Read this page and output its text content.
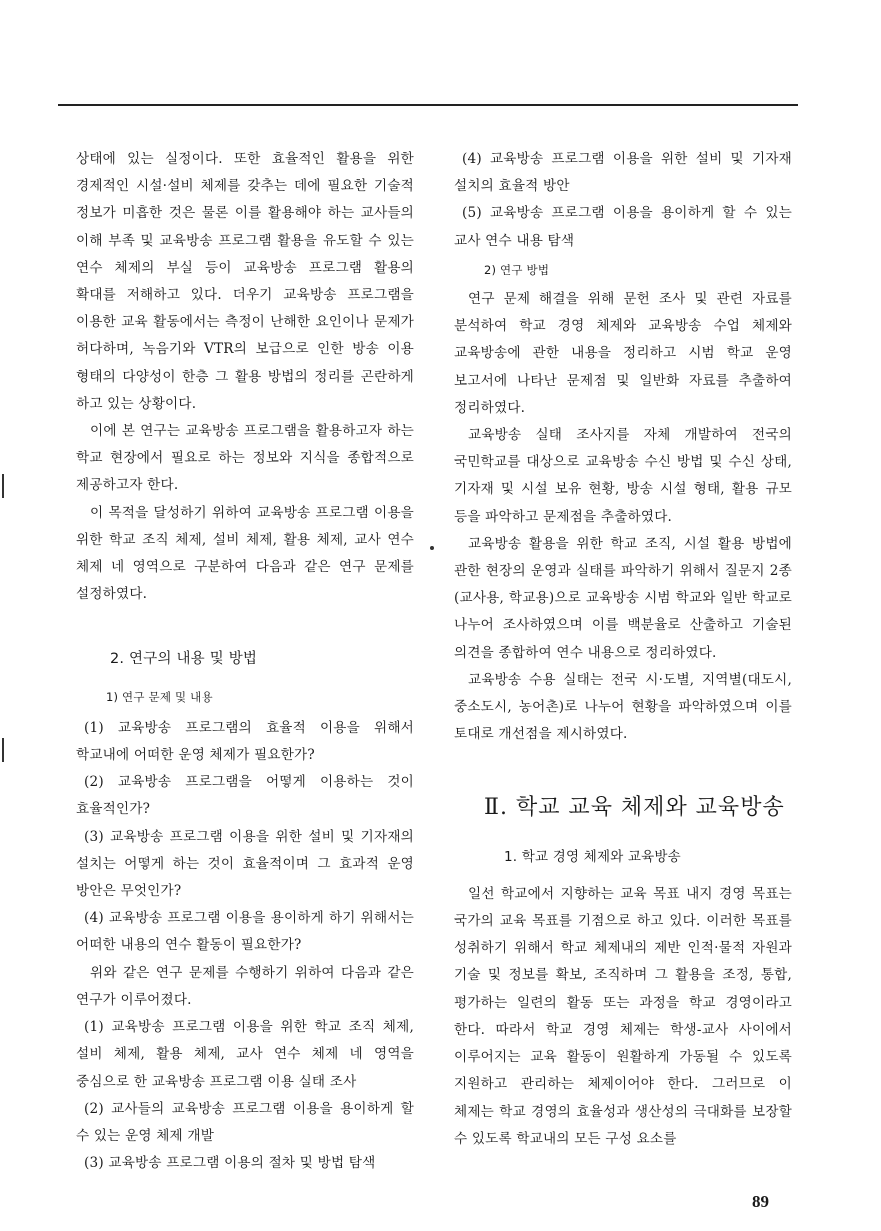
상태에 있는 실정이다. 또한 효율적인 활용을 위한 경제적인 시설·설비 체제를 갖추는 데에 필요한 기술적 정보가 미흡한 것은 물론 이를 활용해야 하는 교사들의 이해 부족 및 교육방송 프로그램 활용을 유도할 수 있는 연수 체제의 부실 등이 교육방송 프로그램 활용의 확대를 저해하고 있다. 더우기 교육방송 프로그램을 이용한 교육 활동에서는 측정이 난해한 요인이나 문제가 허다하며, 녹음기와 VTR의 보급으로 인한 방송 이용 형태의 다양성이 한층 그 활용 방법의 정리를 곤란하게 하고 있는 상황이다.

이에 본 연구는 교육방송 프로그램을 활용하고자 하는 학교 현장에서 필요로 하는 정보와 지식을 종합적으로 제공하고자 한다.

이 목적을 달성하기 위하여 교육방송 프로그램 이용을 위한 학교 조직 체제, 설비 체제, 활용 체제, 교사 연수 체제 네 영역으로 구분하여 다음과 같은 연구 문제를 설정하였다.

2. 연구의 내용 및 방법
1) 연구 문제 및 내용

(1) 교육방송 프로그램의 효율적 이용을 위해서 학교내에 어떠한 운영 체제가 필요한가?

(2) 교육방송 프로그램을 어떻게 이용하는 것이 효율적인가?

(3) 교육방송 프로그램 이용을 위한 설비 및 기자재의 설치는 어떻게 하는 것이 효율적이며 그 효과적 운영 방안은 무엇인가?

(4) 교육방송 프로그램 이용을 용이하게 하기 위해서는 어떠한 내용의 연수 활동이 필요한가?

위와 같은 연구 문제를 수행하기 위하여 다음과 같은 연구가 이루어졌다.

(1) 교육방송 프로그램 이용을 위한 학교 조직 체제, 설비 체제, 활용 체제, 교사 연수 체제 네 영역을 중심으로 한 교육방송 프로그램 이용 실태 조사

(2) 교사들의 교육방송 프로그램 이용을 용이하게 할 수 있는 운영 체제 개발

(3) 교육방송 프로그램 이용의 절차 및 방법 탐색

(4) 교육방송 프로그램 이용을 위한 설비 및 기자재 설치의 효율적 방안

(5) 교육방송 프로그램 이용을 용이하게 할 수 있는 교사 연수 내용 탐색

2) 연구 방법

연구 문제 해결을 위해 문헌 조사 및 관련 자료를 분석하여 학교 경영 체제와 교육방송 수업 체제와 교육방송에 관한 내용을 정리하고 시범 학교 운영 보고서에 나타난 문제점 및 일반화 자료를 추출하여 정리하였다.

교육방송 실태 조사지를 자체 개발하여 전국의 국민학교를 대상으로 교육방송 수신 방법 및 수신 상태, 기자재 및 시설 보유 현황, 방송 시설 형태, 활용 규모 등을 파악하고 문제점을 추출하였다.

교육방송 활용을 위한 학교 조직, 시설 활용 방법에 관한 현장의 운영과 실태를 파악하기 위해서 질문지 2종(교사용, 학교용)으로 교육방송 시범 학교와 일반 학교로 나누어 조사하였으며 이를 백분율로 산출하고 기술된 의견을 종합하여 연수 내용으로 정리하였다.

교육방송 수용 실태는 전국 시·도별, 지역별(대도시, 중소도시, 농어촌)로 나누어 현황을 파악하였으며 이를 토대로 개선점을 제시하였다.

Ⅱ. 학교 교육 체제와 교육방송
1. 학교 경영 체제와 교육방송

일선 학교에서 지향하는 교육 목표 내지 경영 목표는 국가의 교육 목표를 기점으로 하고 있다. 이러한 목표를 성취하기 위해서 학교 체제내의 제반 인적·물적 자원과 기술 및 정보를 확보, 조직하며 그 활용을 조정, 통합, 평가하는 일련의 활동 또는 과정을 학교 경영이라고 한다. 따라서 학교 경영 체제는 학생-교사 사이에서 이루어지는 교육 활동이 원활하게 가동될 수 있도록 지원하고 관리하는 체제이어야 한다. 그러므로 이 체제는 학교 경영의 효율성과 생산성의 극대화를 보장할 수 있도록 학교내의 모든 구성 요소를

89
